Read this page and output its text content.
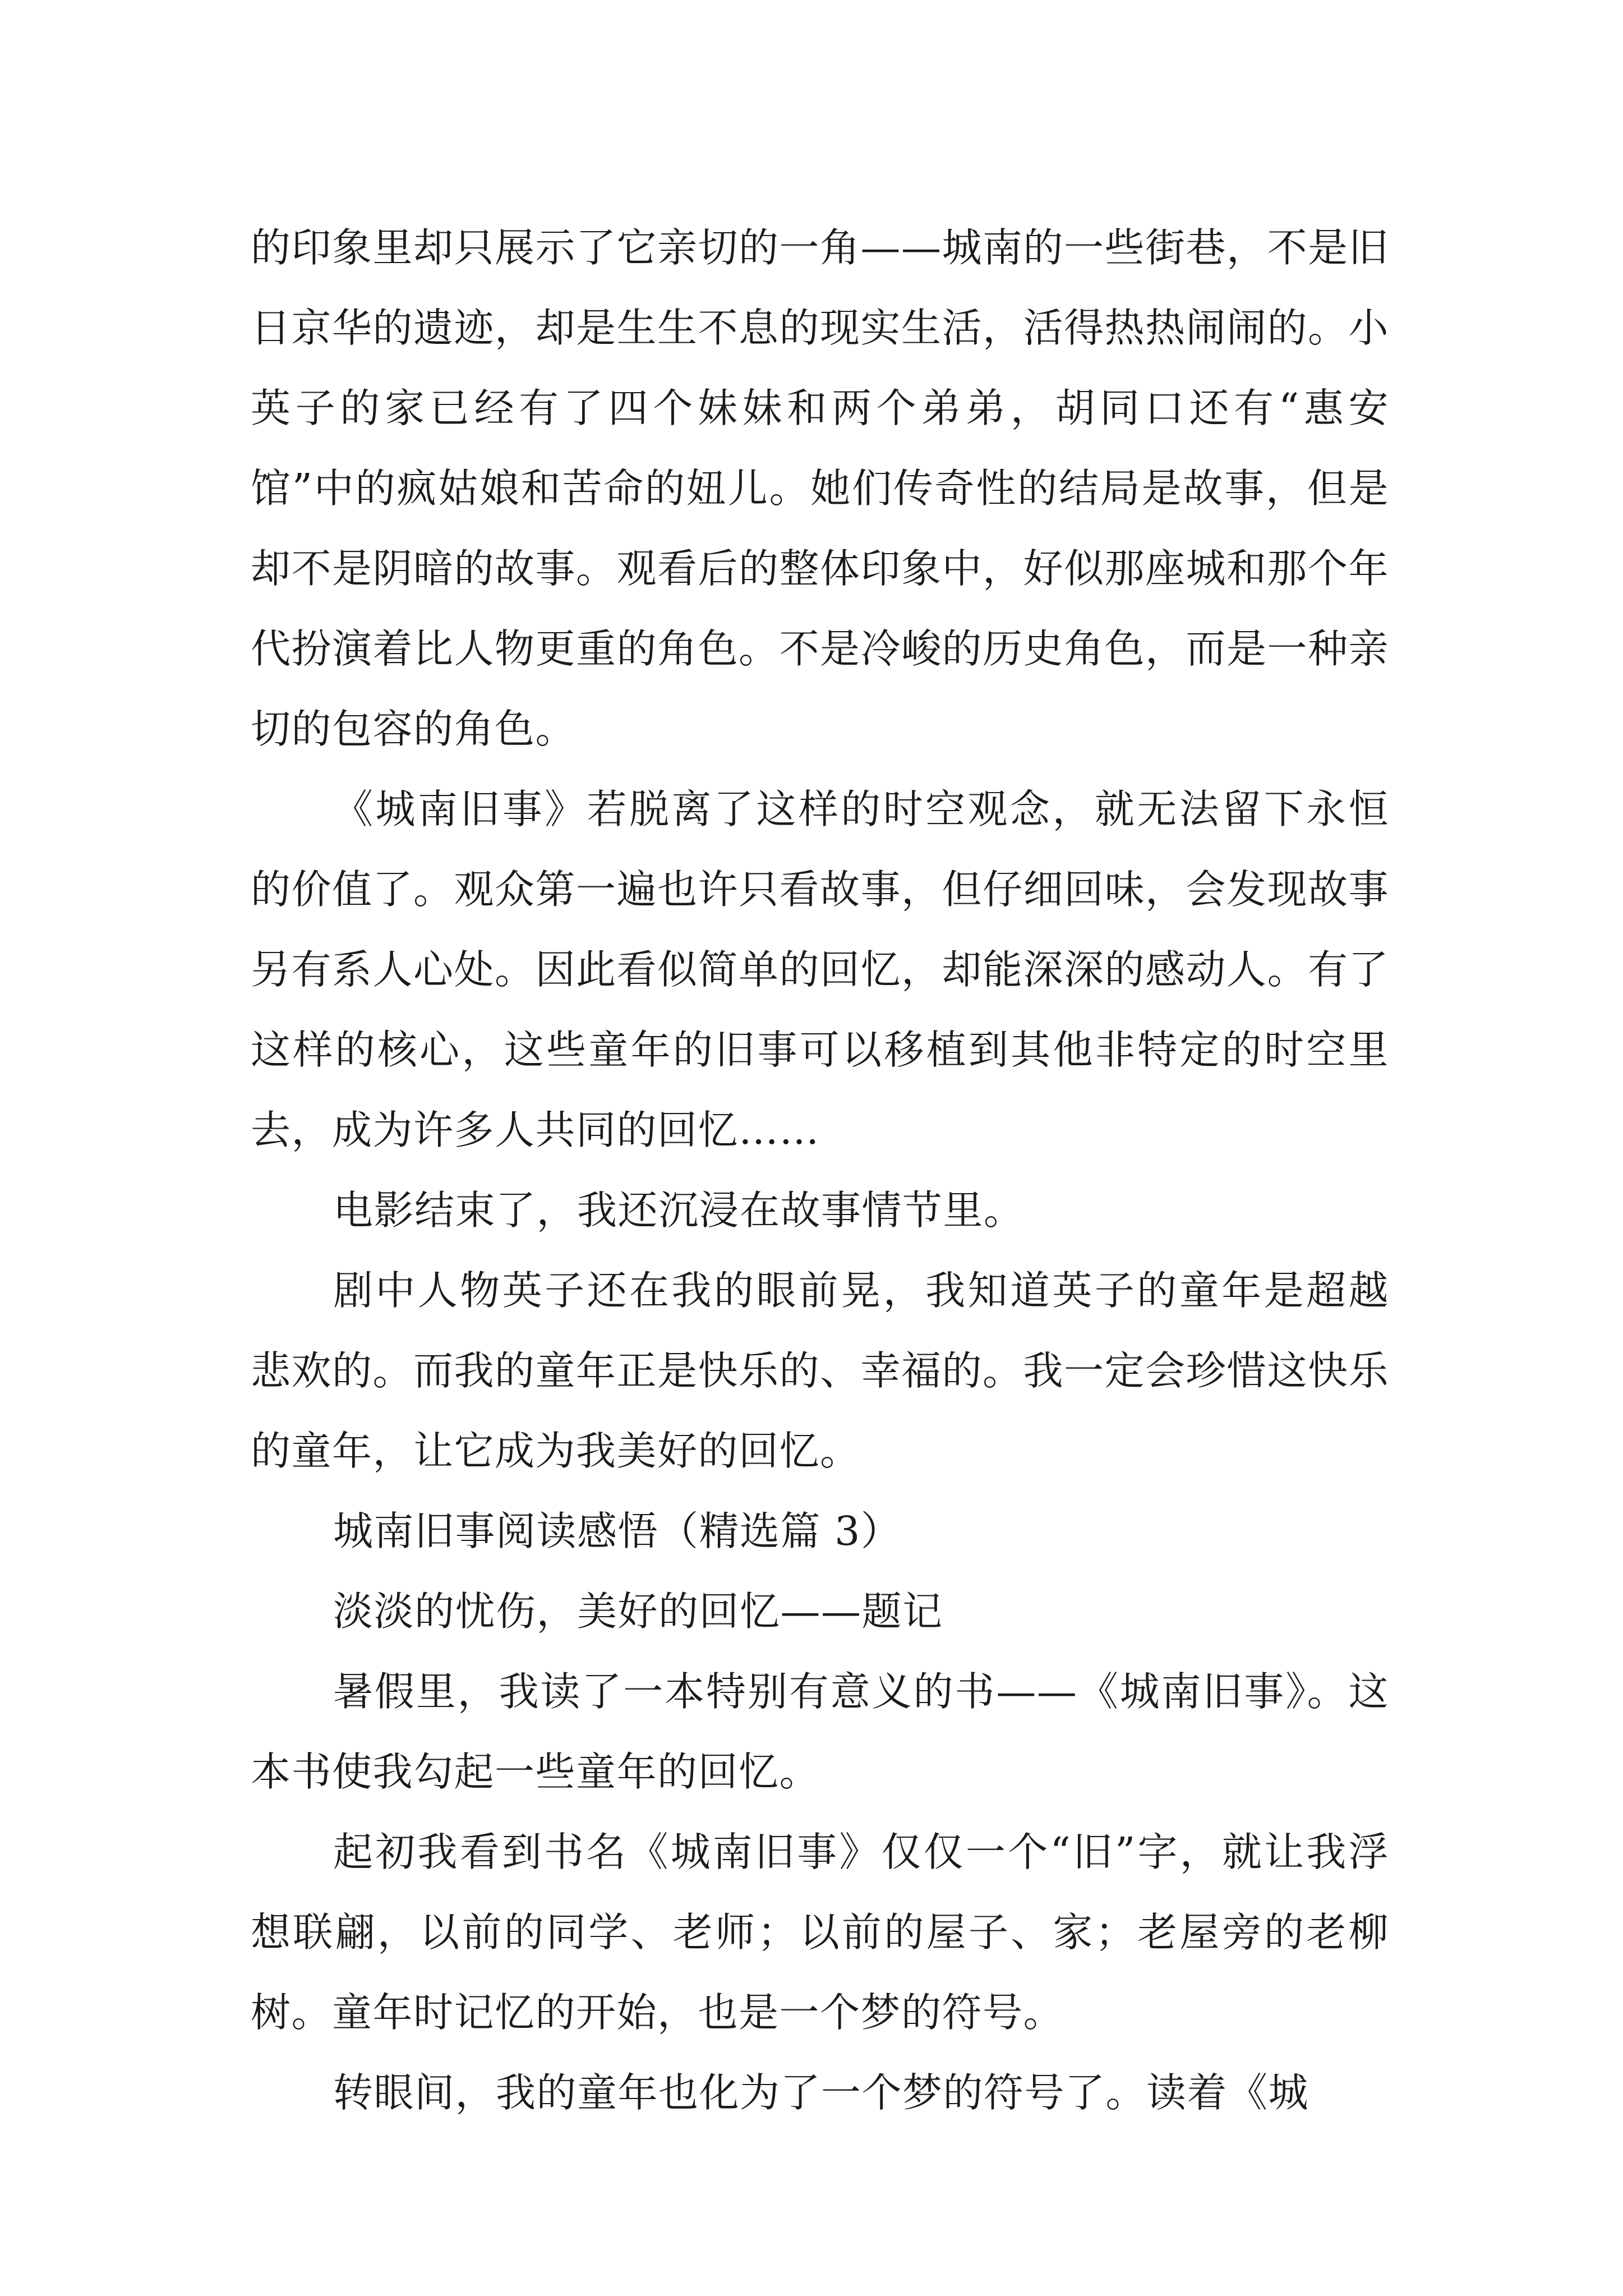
的印象里却只展示了它亲切的一角——城南的一些街巷，不是旧日京华的遗迹，却是生生不息的现实生活，活得热热闹闹的。小英子的家已经有了四个妹妹和两个弟弟，胡同口还有“惠安馆”中的疯姑娘和苦命的妞儿。她们传奇性的结局是故事，但是却不是阴暗的故事。观看后的整体印象中，好似那座城和那个年代扮演着比人物更重的角色。不是冷峻的历史角色，而是一种亲切的包容的角色。

《城南旧事》若脱离了这样的时空观念，就无法留下永恒的价值了。观众第一遍也许只看故事，但仔细回味，会发现故事另有系人心处。因此看似简单的回忆，却能深深的感动人。有了这样的核心，这些童年的旧事可以移植到其他非特定的时空里去，成为许多人共同的回忆……

电影结束了，我还沉浸在故事情节里。

剧中人物英子还在我的眼前晃，我知道英子的童年是超越悲欢的。而我的童年正是快乐的、幸福的。我一定会珍惜这快乐的童年，让它成为我美好的回忆。

城南旧事阅读感悟（精选篇 3）

淡淡的忧伤，美好的回忆——题记

暑假里，我读了一本特别有意义的书——《城南旧事》。这本书使我勾起一些童年的回忆。

起初我看到书名《城南旧事》仅仅一个“旧”字，就让我浮想联翩，以前的同学、老师；以前的屋子、家；老屋旁的老柳树。童年时记忆的开始，也是一个梦的符号。

转眼间，我的童年也化为了一个梦的符号了。读着《城
